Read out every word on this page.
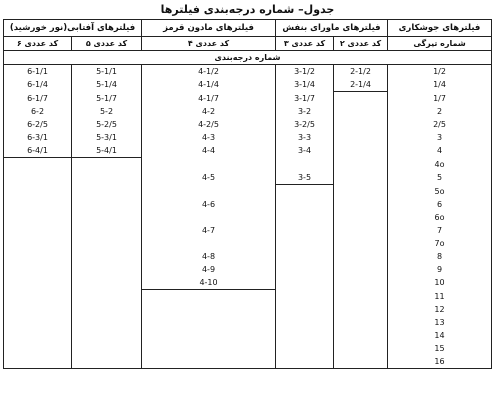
جدول– شماره درجه‌بندی فیلترها
فیلترهای جوشکاری	فیلترهای ماورای بنفش		فیلترهای مادون قرمز	فیلترهای آفتابی(نور خورشید)	
شماره تیرگی	کد عددی ۲	کد عددی ۳	کد عددی ۴	کد عددی ۵	کد عددی ۶
شماره درجه‌بندی					
1/2	2-1/2	3-1/2	4-1/2	5-1/1	6-1/1
1/4	2-1/4	3-1/4	4-1/4	5-1/4	6-1/4
1/7		3-1/7	4-1/7	5-1/7	6-1/7
2		3-2	4-2	5-2	6-2
2/5		3-2/5	4-2/5	5-2/5	6-2/5
3		3-3	4-3	5-3/1	6-3/1
4		3-4	4-4	5-4/1	6-4/1
4o					
5		3-5	4-5		
5o					
6			4-6		
6o					
7			4-7		
7o					
8			4-8		
9			4-9		
10			4-10		
11					
12					
13					
14					
15					
16					
